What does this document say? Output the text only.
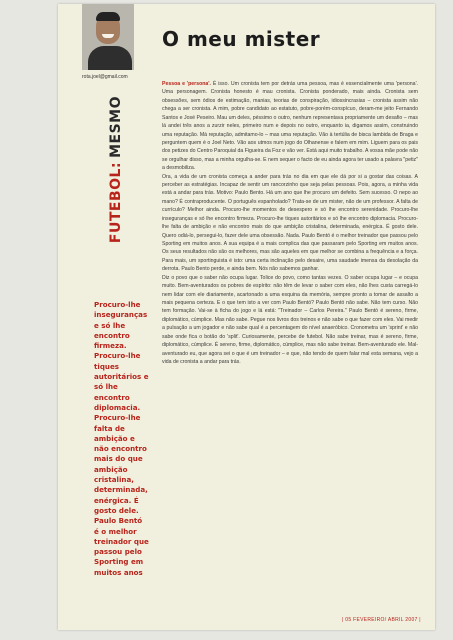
rota.joel@gmail.com
FUTEBOL:
MESMO
Procuro-lhe inseguranças e só lhe encontro firmeza. Procuro-lhe tiques autoritários e só lhe encontro diplomacia. Procuro-lhe falta de ambição e não encontro mais do que ambição cristalina, determinada, enérgica. É gosto dele. Paulo Bentó é o melhor treinador que passou pelo Sporting em muitos anos
O meu mister

Pessoa e 'persona'. É isso. Um cronista tem por detrás uma pessoa, mas é essencialmente uma 'persona'. Uma personagem. Cronista honesto é mau cronista. Cronista ponderado, mais ainda. Cronista sem obsessões, sem ódios de estimação, manias, teorias de conspiração, idiossincrasias – cronista assim não chega a ser cronista. A mim, pobre candidato ao estatuto, pobre-porém-conspícuo, deram-me jeito Fernando Santos e José Peseiro. Mau um deles, péssimo o outro, nenhum representava propriamente um desafio – mas lá andei três anos a zurzir neles, primeiro num e depois no outro, enquanto ia, digamos assim, construindo uma reputação. Má reputação, admitamo-lo – mas uma reputação. Vão à tertúlia de bisca lambida de Braga e perguntem quem é o Joel Neto. Vão aos utmos num jogo do Olhanense e falem em mim. Liguem para os pais dos petizes do Centro Paroquial da Figueira da Foz e vão ver. Está aqui muito trabalho. A vossa mãe pode não se orgulhar disso, mas a minha orgulha-se. E nem sequer o facto de eu ainda agora ter usado a palavra "petiz" a desmobiliza.

Ora, a vida de um cronista começa a ander para trás no dia em que ele dá por si a gostar das coisas. A perceber as estratégias. Incapaz de sentir um rancorzinho que seja pelas pessoas. Pois, agora, a minha vida está a andar para trás. Motivo: Paulo Bento. Há um ano que lhe procuro um defeito. Sem sucesso. O nepo ao mano? É contraproducente. O português espanholado? Trata-se de um mister, não de um professor. A falta de currículo? Melhor ainda. Procuro-lhe momentos de desespero e só lhe encontro serenidade. Procuro-lhe inseguranças e só lhe encontro firmeza. Procuro-lhe tiques autoritários e só lhe encontro diplomacia. Procuro-lhe falta de ambição e não encontro mais do que ambição cristalina, determinada, enérgica. É gosto dele. Quero odiá-lo, persegui-lo, fazer dele uma obsessão. Nada. Paulo Bentó é o melhor treinador que passou pelo Sporting em muitos anos. A sua equipa é a mais complica das que passaram pelo Sporting em muitos anos. Os seus resultados não são os melhores, mas são aqueles em que melhor se combina a frequência e a força. Para mais, um sportinguista é isto: uma certa inclinação pelo desaire, uma saudade imensa da desolação da derrota. Paulo Bento perde, e ainda bem. Nós não sabemos ganhar.

Diz o povo que o saber não ocupa lugar. Tolice do povo, como tantas vezes. O saber ocupa lugar – e ocupa muito. Bem-aventurados os pobres de espírito: não têm de levar o saber com eles, não lhes custa carregá-lo nem lidar com ele diariamente, acartonado a uma esquina da memória, sempre pronto a tomar de assalto a mais pequena certeza. E o que tem isto a ver com Paulo Bentó? Paulo Bentó não sabe. Não tem curso. Não tem formação. Vai-se à ficha do jogo e lá está: "Treinador – Carlos Pereira." Paulo Bentó é sereno, firme, diplomático, cúmplice. Mas não sabe. Pegue nos livros dos treinos e não sabe o que fazer com eles. Vai medir a pulsação a um jogador e não sabe qual é a percentagem do nível anaeróbico. Cronometra um 'sprint' e não sabe onde fica o botão do 'split'. Curiosamente, percebe de futebol. Não sabe treinar, mas é sereno, firme, diplomático, cúmplice. É sereno, firme, diplomático, cúmplice, mas não sabe treinar. Bem-aventurado ele. Mal-aventurado eu, que agora sei o que é um treinador – e que, não tendo de quem falar mal esta semana, vejo a vida de cronista a andar para trás.

| 05 FEVEREIRO/ ABRIL 2007 |
